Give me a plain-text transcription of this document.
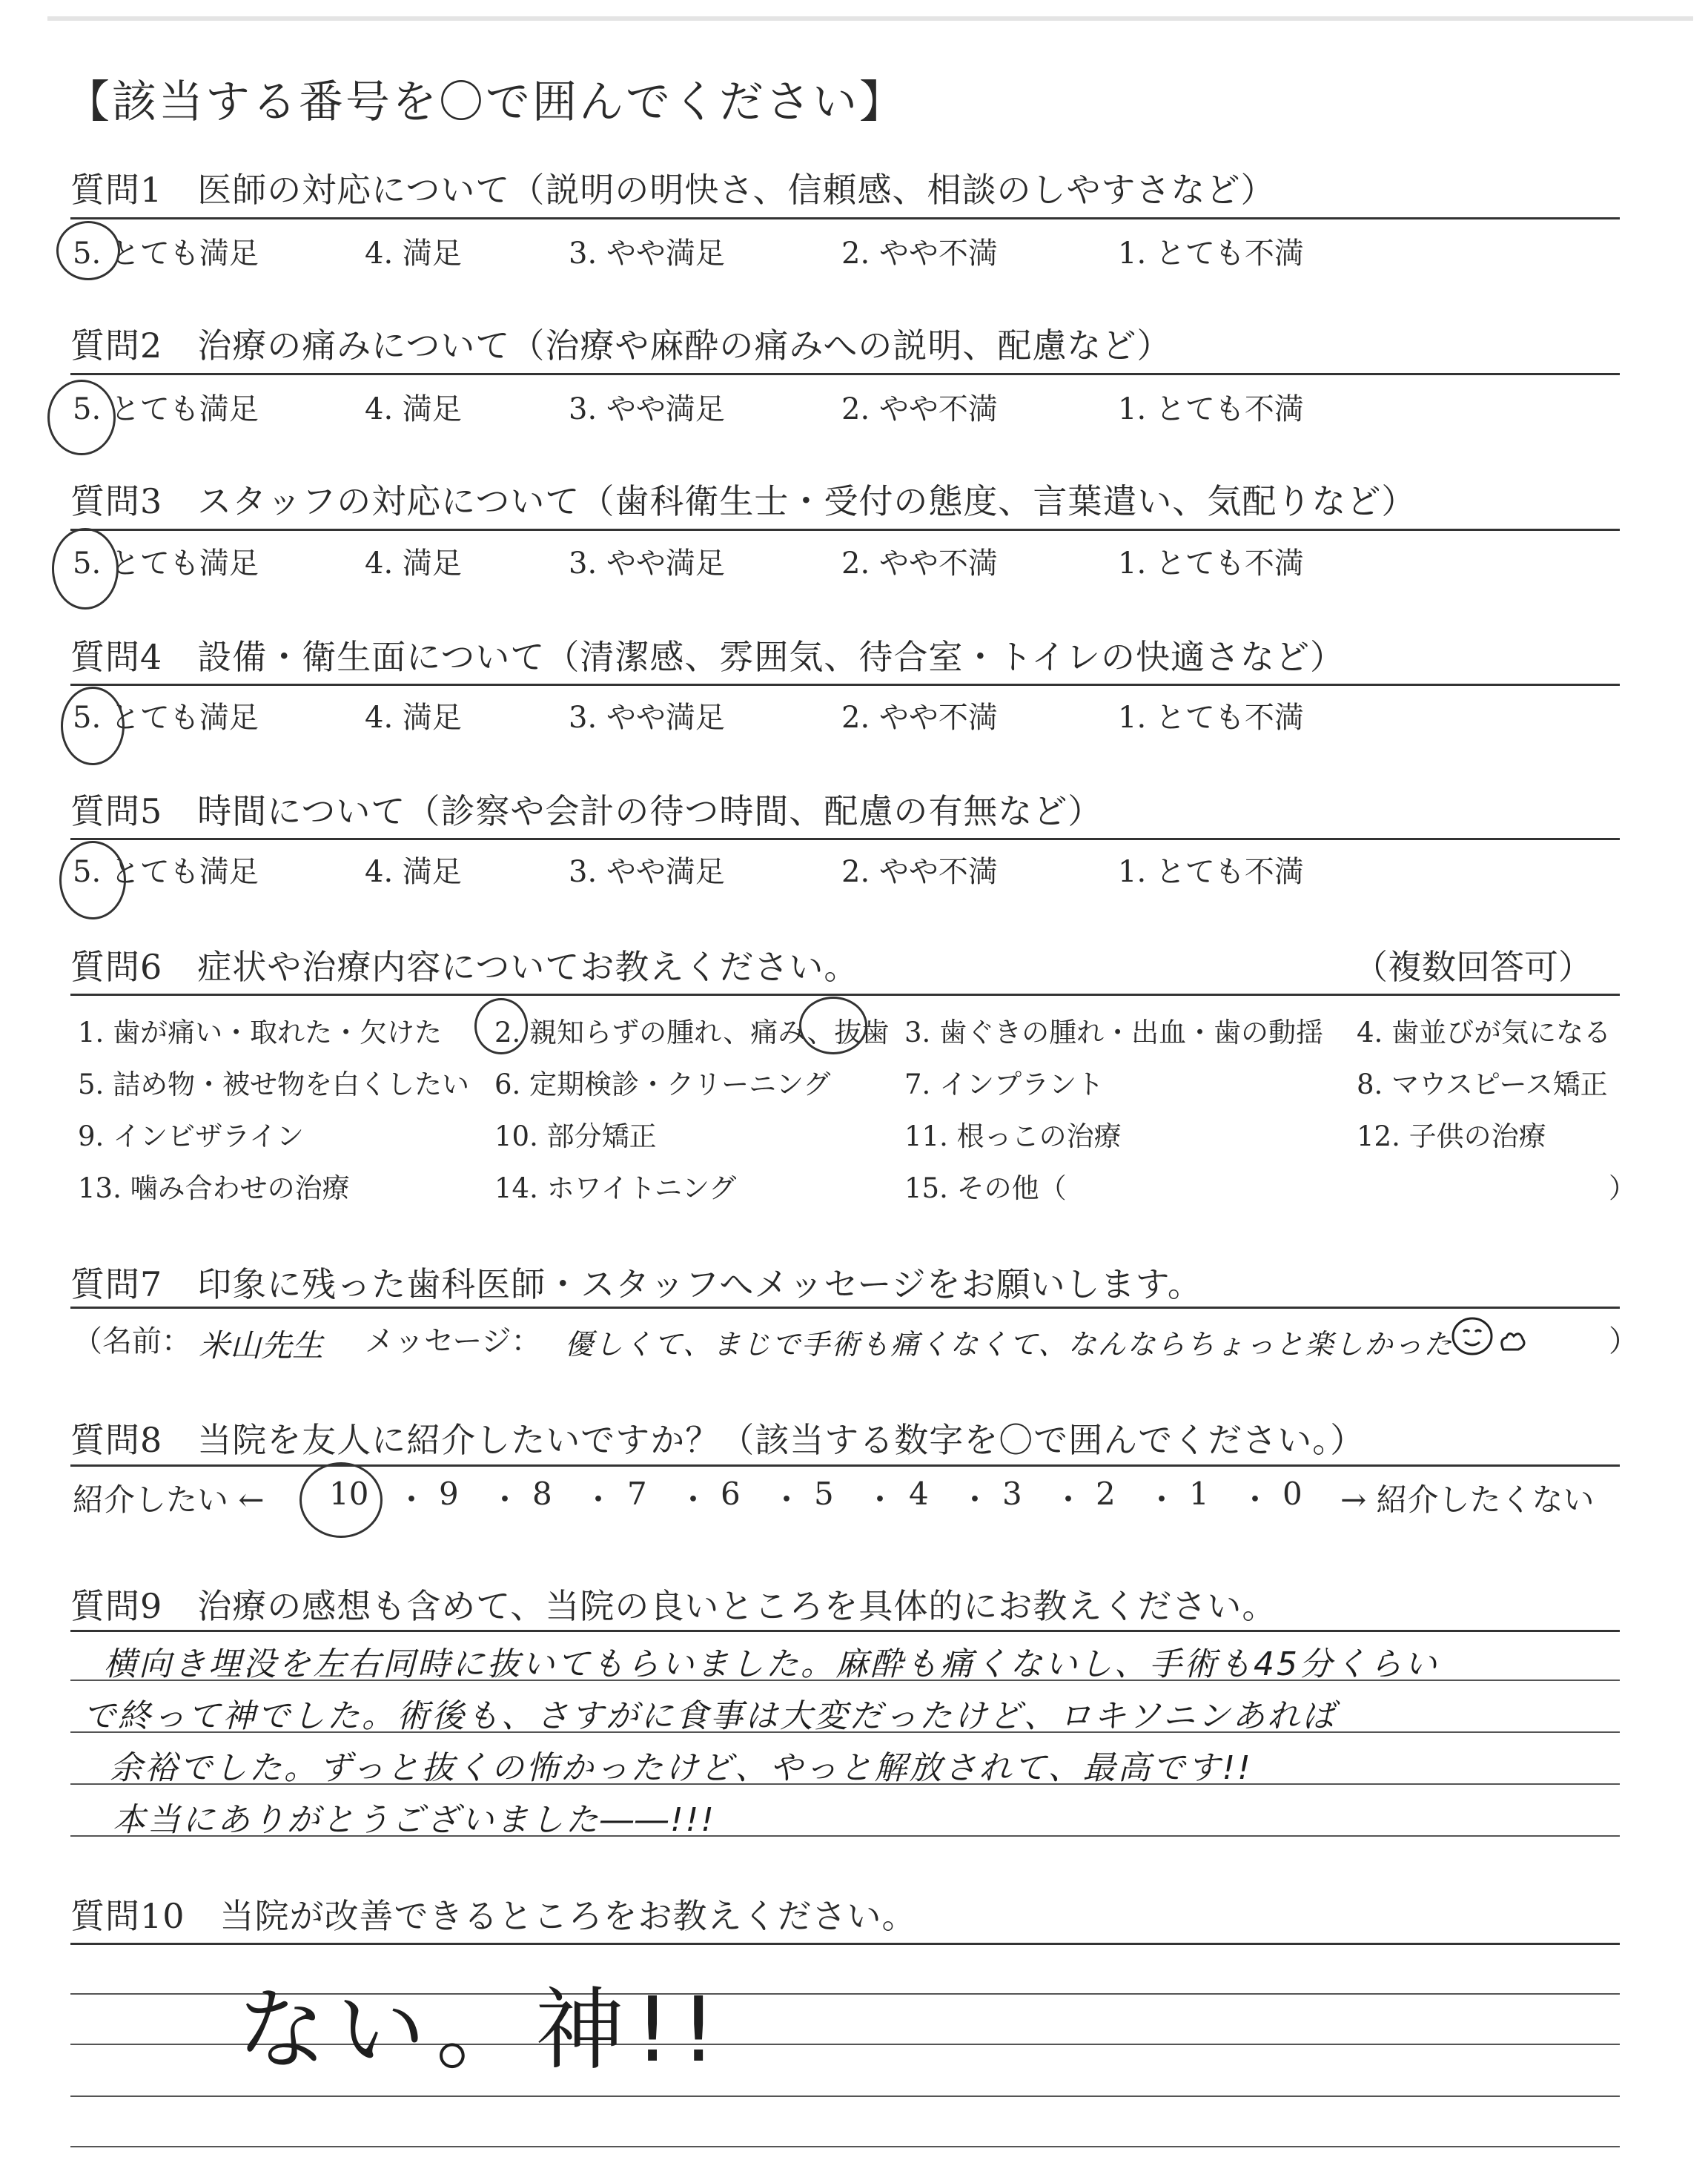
【該当する番号を〇で囲んでください】
質問1　医師の対応について（説明の明快さ、信頼感、相談のしやすさなど）
5. とても満足	4. 満足	3. やや満足	2. やや不満	1. とても不満
質問2　治療の痛みについて（治療や麻酔の痛みへの説明、配慮など）
5. とても満足	4. 満足	3. やや満足	2. やや不満	1. とても不満
質問3　スタッフの対応について（歯科衛生士・受付の態度、言葉遣い、気配りなど）
5. とても満足	4. 満足	3. やや満足	2. やや不満	1. とても不満
質問4　設備・衛生面について（清潔感、雰囲気、待合室・トイレの快適さなど）
5. とても満足	4. 満足	3. やや満足	2. やや不満	1. とても不満
質問5　時間について（診察や会計の待つ時間、配慮の有無など）
5. とても満足	4. 満足	3. やや満足	2. やや不満	1. とても不満
質問6　症状や治療内容についてお教えください。	（複数回答可）
1. 歯が痛い・取れた・欠けた 2. 親知らずの腫れ、痛み、抜歯 3. 歯ぐきの腫れ・出血・歯の動揺 4. 歯並びが気になる
5. 詰め物・被せ物を白くしたい 6. 定期検診・クリーニング	7. インプラント	8. マウスピース矯正
9. インビザライン	10. 部分矯正	11. 根っこの治療	12. 子供の治療
13. 噛み合わせの治療	14. ホワイトニング	15. その他（	）
質問7　印象に残った歯科医師・スタッフへメッセージをお願いします。
（名前： 米山先生 メッセージ： 優しくて、まじで手術も痛くなくて、なんならちょっと楽しかった	）
質問8　当院を友人に紹介したいですか？（該当する数字を〇で囲んでください。）
紹介したい ← 10 ・ 9 ・ 8 ・ 7 ・ 6 ・ 5 ・ 4 ・ 3 ・ 2 ・ 1 ・ 0 → 紹介したくない
質問9　治療の感想も含めて、当院の良いところを具体的にお教えください。
横向き埋没を左右同時に抜いてもらいました。麻酔も痛くないし、手術も45分くらい
で終って神でした。術後も、さすがに食事は大変だったけど、ロキソニンあれば
余裕でした。ずっと抜くの怖かったけど、やっと解放されて、最高です!!
本当にありがとうございました――!!!
質問10　当院が改善できるところをお教えください。
ない。神!!
